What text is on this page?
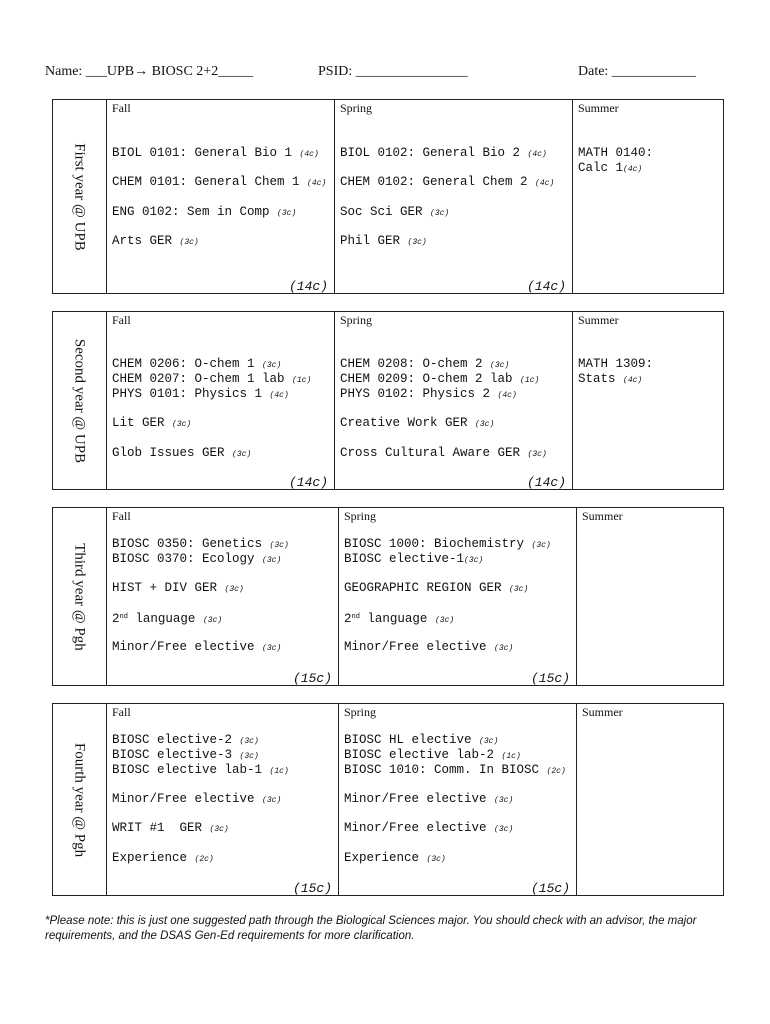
Name: ___UPB→ BIOSC 2+2_____	PSID: ________________	Date: ____________
First year @ UPB
Fall
BIOL 0101: General Bio 1 (4c)
CHEM 0101: General Chem 1 (4c)
ENG 0102: Sem in Comp (3c)
Arts GER (3c)
(14c)
Spring
BIOL 0102: General Bio 2 (4c)
CHEM 0102: General Chem 2 (4c)
Soc Sci GER (3c)
Phil GER (3c)
(14c)
Summer
MATH 0140:
Calc 1(4c)
Second year @ UPB
Fall
CHEM 0206: O-chem 1 (3c)
CHEM 0207: O-chem 1 lab (1c)
PHYS 0101: Physics 1 (4c)
Lit GER (3c)
Glob Issues GER (3c)
(14c)
Spring
CHEM 0208: O-chem 2 (3c)
CHEM 0209: O-chem 2 lab (1c)
PHYS 0102: Physics 2 (4c)
Creative Work GER (3c)
Cross Cultural Aware GER (3c)
(14c)
Summer
MATH 1309:
Stats (4c)
Third year @ Pgh
Fall
BIOSC 0350: Genetics (3c)
BIOSC 0370: Ecology (3c)
HIST + DIV GER (3c)
2nd language (3c)
Minor/Free elective (3c)
(15c)
Spring
BIOSC 1000: Biochemistry (3c)
BIOSC elective-1(3c)
GEOGRAPHIC REGION GER (3c)
2nd language (3c)
Minor/Free elective (3c)
(15c)
Summer
Fourth year @ Pgh
Fall
BIOSC elective-2 (3c)
BIOSC elective-3 (3c)
BIOSC elective lab-1 (1c)
Minor/Free elective (3c)
WRIT #1  GER (3c)
Experience (2c)
(15c)
Spring
BIOSC HL elective (3c)
BIOSC elective lab-2 (1c)
BIOSC 1010: Comm. In BIOSC (2c)
Minor/Free elective (3c)
Minor/Free elective (3c)
Experience (3c)
(15c)
Summer
*Please note: this is just one suggested path through the Biological Sciences major. You should check with an advisor, the major requirements, and the DSAS Gen-Ed requirements for more clarification.
